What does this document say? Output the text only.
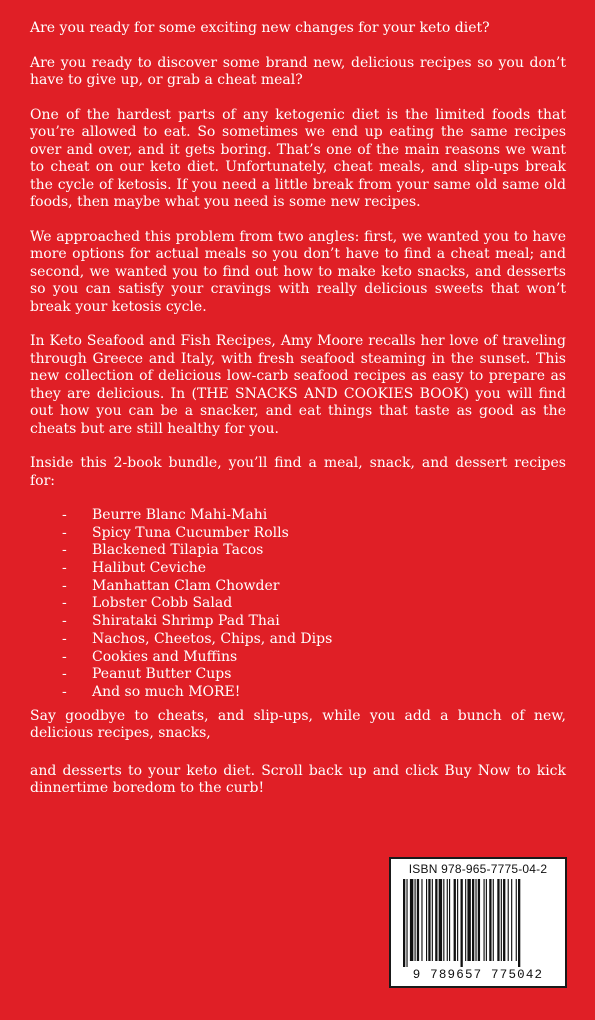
Are you ready for some exciting new changes for your keto diet?

Are you ready to discover some brand new, delicious recipes so you don’t have to give up, or grab a cheat meal?

One of the hardest parts of any ketogenic diet is the limited foods that you’re allowed to eat. So sometimes we end up eating the same recipes over and over, and it gets boring. That’s one of the main reasons we want to cheat on our keto diet. Unfortunately, cheat meals, and slip-ups break the cycle of ketosis. If you need a little break from your same old same old foods, then maybe what you need is some new recipes.

We approached this problem from two angles: first, we wanted you to have more options for actual meals so you don’t have to find a cheat meal; and second, we wanted you to find out how to make keto snacks, and desserts so you can satisfy your cravings with really delicious sweets that won’t break your ketosis cycle.

In Keto Seafood and Fish Recipes, Amy Moore recalls her love of traveling through Greece and Italy, with fresh seafood steaming in the sunset. This new collection of delicious low-carb seafood recipes as easy to prepare as they are delicious. In (THE SNACKS AND COOKIES BOOK) you will find out how you can be a snacker, and eat things that taste as good as the cheats but are still healthy for you.

Inside this 2-book bundle, you’ll find a meal, snack, and dessert recipes for:

- Beurre Blanc Mahi-Mahi
- Spicy Tuna Cucumber Rolls
- Blackened Tilapia Tacos
- Halibut Ceviche
- Manhattan Clam Chowder
- Lobster Cobb Salad
- Shirataki Shrimp Pad Thai
- Nachos, Cheetos, Chips, and Dips
- Cookies and Muffins
- Peanut Butter Cups
- And so much MORE!

Say goodbye to cheats, and slip-ups, while you add a bunch of new, delicious recipes, snacks,

and desserts to your keto diet. Scroll back up and click Buy Now to kick dinnertime boredom to the curb!

ISBN 978-965-7775-04-2
9 789657 775042
